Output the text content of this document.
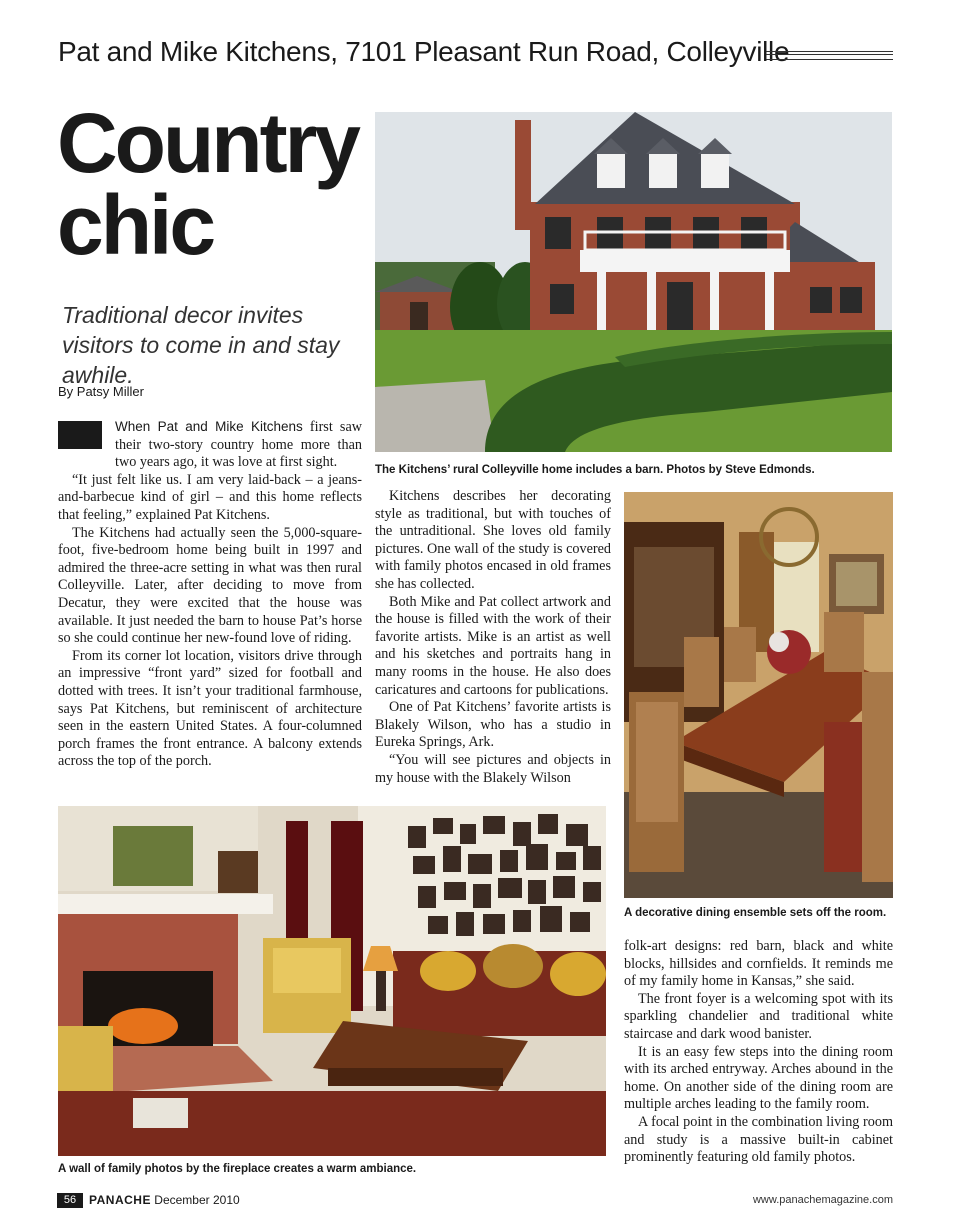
Pat and Mike Kitchens, 7101 Pleasant Run Road, Colleyville
Country
chic
Traditional decor invites visitors to come in and stay awhile.
By Patsy Miller

When Pat and Mike Kitchens first saw their two-story country home more than two years ago, it was love at first sight.

“It just felt like us. I am very laid-back – a jeans-and-barbecue kind of girl – and this home reflects that feeling,” explained Pat Kitchens.

The Kitchens had actually seen the 5,000-square-foot, five-bedroom home being built in 1997 and admired the three-acre setting in what was then rural Colleyville. Later, after deciding to move from Decatur, they were excited that the house was available. It just needed the barn to house Pat’s horse so she could continue her new-found love of riding.

From its corner lot location, visitors drive through an impressive “front yard” sized for football and dotted with trees. It isn’t your traditional farmhouse, says Pat Kitchens, but reminiscent of architecture seen in the eastern United States. A four-columned porch frames the front entrance. A balcony extends across the top of the porch.

The Kitchens’ rural Colleyville home includes a barn. Photos by Steve Edmonds.

Kitchens describes her decorating style as traditional, but with touches of the untraditional. She loves old family pictures. One wall of the study is covered with family photos encased in old frames she has collected.

Both Mike and Pat collect artwork and the house is filled with the work of their favorite artists. Mike is an artist as well and his sketches and portraits hang in many rooms in the house. He also does caricatures and cartoons for publications.

One of Pat Kitchens’ favorite artists is Blakely Wilson, who has a studio in Eureka Springs, Ark.

“You will see pictures and objects in my house with the Blakely Wilson

A decorative dining ensemble sets off the room.
A wall of family photos by the fireplace creates a warm ambiance.

folk-art designs: red barn, black and white blocks, hillsides and cornfields. It reminds me of my family home in Kansas,” she said.

The front foyer is a welcoming spot with its sparkling chandelier and traditional white staircase and dark wood banister.

It is an easy few steps into the dining room with its arched entryway. Arches abound in the home. On another side of the dining room are multiple arches leading to the family room.

A focal point in the combination living room and study is a massive built-in cabinet prominently featuring old family photos.

56	PANACHE December 2010	www.panachemagazine.com
